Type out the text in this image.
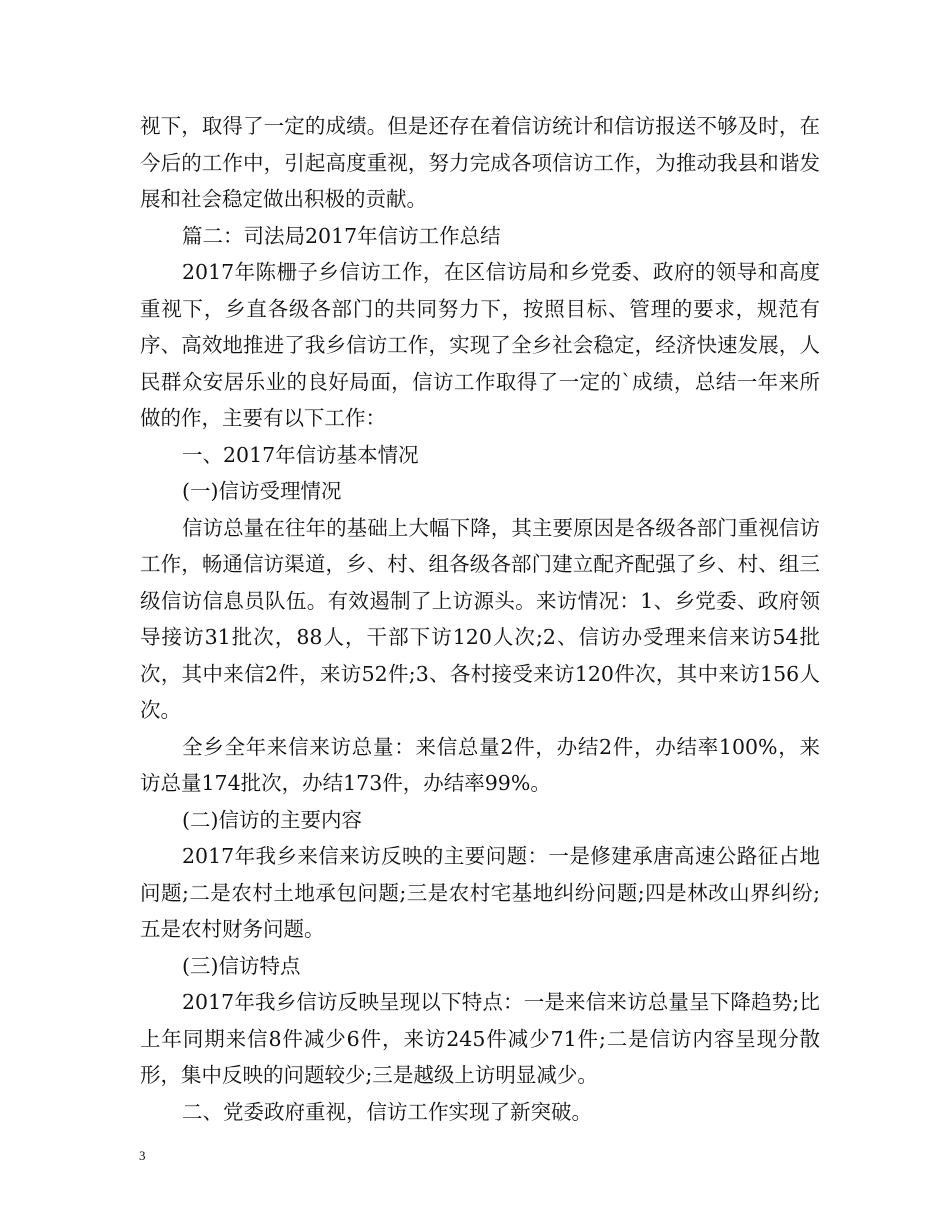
视下，取得了一定的成绩。但是还存在着信访统计和信访报送不够及时，在今后的工作中，引起高度重视，努力完成各项信访工作，为推动我县和谐发展和社会稳定做出积极的贡献。

篇二：司法局2017年信访工作总结

2017年陈栅子乡信访工作，在区信访局和乡党委、政府的领导和高度重视下，乡直各级各部门的共同努力下，按照目标、管理的要求，规范有序、高效地推进了我乡信访工作，实现了全乡社会稳定，经济快速发展，人民群众安居乐业的良好局面，信访工作取得了一定的`成绩，总结一年来所做的作，主要有以下工作：

一、2017年信访基本情况

(一)信访受理情况

信访总量在往年的基础上大幅下降，其主要原因是各级各部门重视信访工作，畅通信访渠道，乡、村、组各级各部门建立配齐配强了乡、村、组三级信访信息员队伍。有效遏制了上访源头。来访情况：1、乡党委、政府领导接访31批次，88人，干部下访120人次;2、信访办受理来信来访54批次，其中来信2件，来访52件;3、各村接受来访120件次，其中来访156人次。

全乡全年来信来访总量：来信总量2件，办结2件，办结率100%，来访总量174批次，办结173件，办结率99%。

(二)信访的主要内容

2017年我乡来信来访反映的主要问题：一是修建承唐高速公路征占地问题;二是农村土地承包问题;三是农村宅基地纠纷问题;四是林改山界纠纷;五是农村财务问题。

(三)信访特点

2017年我乡信访反映呈现以下特点：一是来信来访总量呈下降趋势;比上年同期来信8件减少6件，来访245件减少71件;二是信访内容呈现分散形，集中反映的问题较少;三是越级上访明显减少。

二、党委政府重视，信访工作实现了新突破。

3
